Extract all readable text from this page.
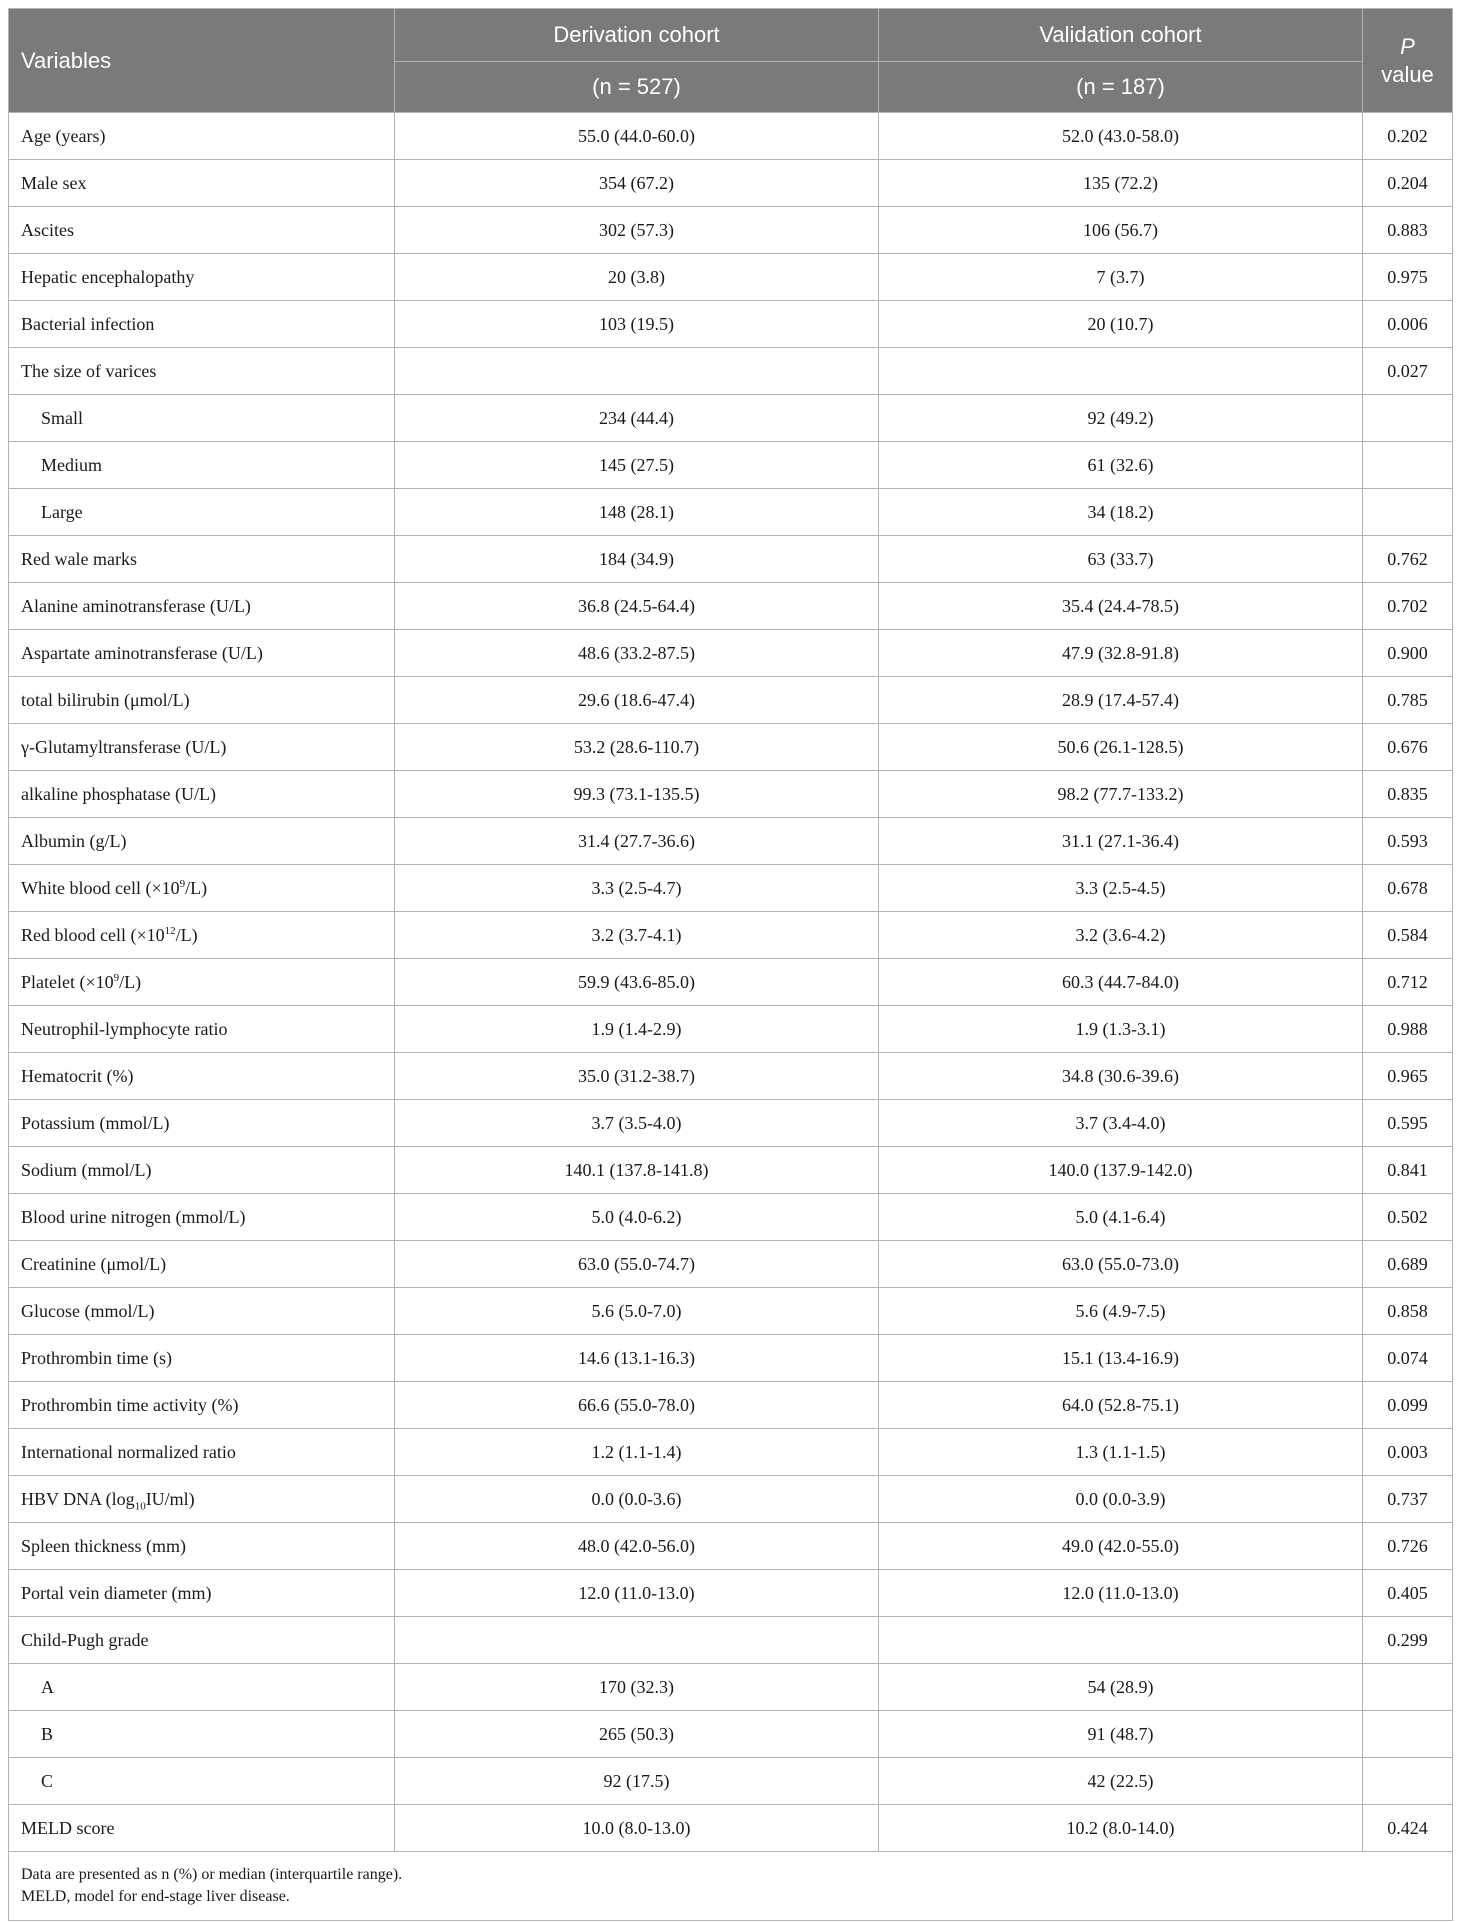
Variables	Derivation cohort	Validation cohort	P
value
	(n = 527)	(n = 187)	
Age (years)	55.0 (44.0-60.0)	52.0 (43.0-58.0)	0.202
Male sex	354 (67.2)	135 (72.2)	0.204
Ascites	302 (57.3)	106 (56.7)	0.883
Hepatic encephalopathy	20 (3.8)	7 (3.7)	0.975
Bacterial infection	103 (19.5)	20 (10.7)	0.006
The size of varices			0.027
Small	234 (44.4)	92 (49.2)	
Medium	145 (27.5)	61 (32.6)	
Large	148 (28.1)	34 (18.2)	
Red wale marks	184 (34.9)	63 (33.7)	0.762
Alanine aminotransferase (U/L)	36.8 (24.5-64.4)	35.4 (24.4-78.5)	0.702
Aspartate aminotransferase (U/L)	48.6 (33.2-87.5)	47.9 (32.8-91.8)	0.900
total bilirubin (μmol/L)	29.6 (18.6-47.4)	28.9 (17.4-57.4)	0.785
γ-Glutamyltransferase (U/L)	53.2 (28.6-110.7)	50.6 (26.1-128.5)	0.676
alkaline phosphatase (U/L)	99.3 (73.1-135.5)	98.2 (77.7-133.2)	0.835
Albumin (g/L)	31.4 (27.7-36.6)	31.1 (27.1-36.4)	0.593
White blood cell $(\times 10^9/L)$	3.3 (2.5-4.7)	3.3 (2.5-4.5)	0.678
Red blood cell $(\times 10^{12}/L)$	3.2 (3.7-4.1)	3.2 (3.6-4.2)	0.584
Platelet $(\times 10^9/L)$	59.9 (43.6-85.0)	60.3 (44.7-84.0)	0.712
Neutrophil-lymphocyte ratio	1.9 (1.4-2.9)	1.9 (1.3-3.1)	0.988
Hematocrit (%)	35.0 (31.2-38.7)	34.8 (30.6-39.6)	0.965
Potassium (mmol/L)	3.7 (3.5-4.0)	3.7 (3.4-4.0)	0.595
Sodium (mmol/L)	140.1 (137.8-141.8)	140.0 (137.9-142.0)	0.841
Blood urine nitrogen (mmol/L)	5.0 (4.0-6.2)	5.0 (4.1-6.4)	0.502
Creatinine (μmol/L)	63.0 (55.0-74.7)	63.0 (55.0-73.0)	0.689
Glucose (mmol/L)	5.6 (5.0-7.0)	5.6 (4.9-7.5)	0.858
Prothrombin time (s)	14.6 (13.1-16.3)	15.1 (13.4-16.9)	0.074
Prothrombin time activity (%)	66.6 (55.0-78.0)	64.0 (52.8-75.1)	0.099
International normalized ratio	1.2 (1.1-1.4)	1.3 (1.1-1.5)	0.003
HBV DNA $(\log_{10}IU/ml)$	0.0 (0.0-3.6)	0.0 (0.0-3.9)	0.737
Spleen thickness (mm)	48.0 (42.0-56.0)	49.0 (42.0-55.0)	0.726
Portal vein diameter (mm)	12.0 (11.0-13.0)	12.0 (11.0-13.0)	0.405
Child-Pugh grade			0.299
A	170 (32.3)	54 (28.9)	
B	265 (50.3)	91 (48.7)	
C	92 (17.5)	42 (22.5)	
MELD score	10.0 (8.0-13.0)	10.2 (8.0-14.0)	0.424

Data are presented as n (%) or median (interquartile range).
MELD, model for end-stage liver disease.			
